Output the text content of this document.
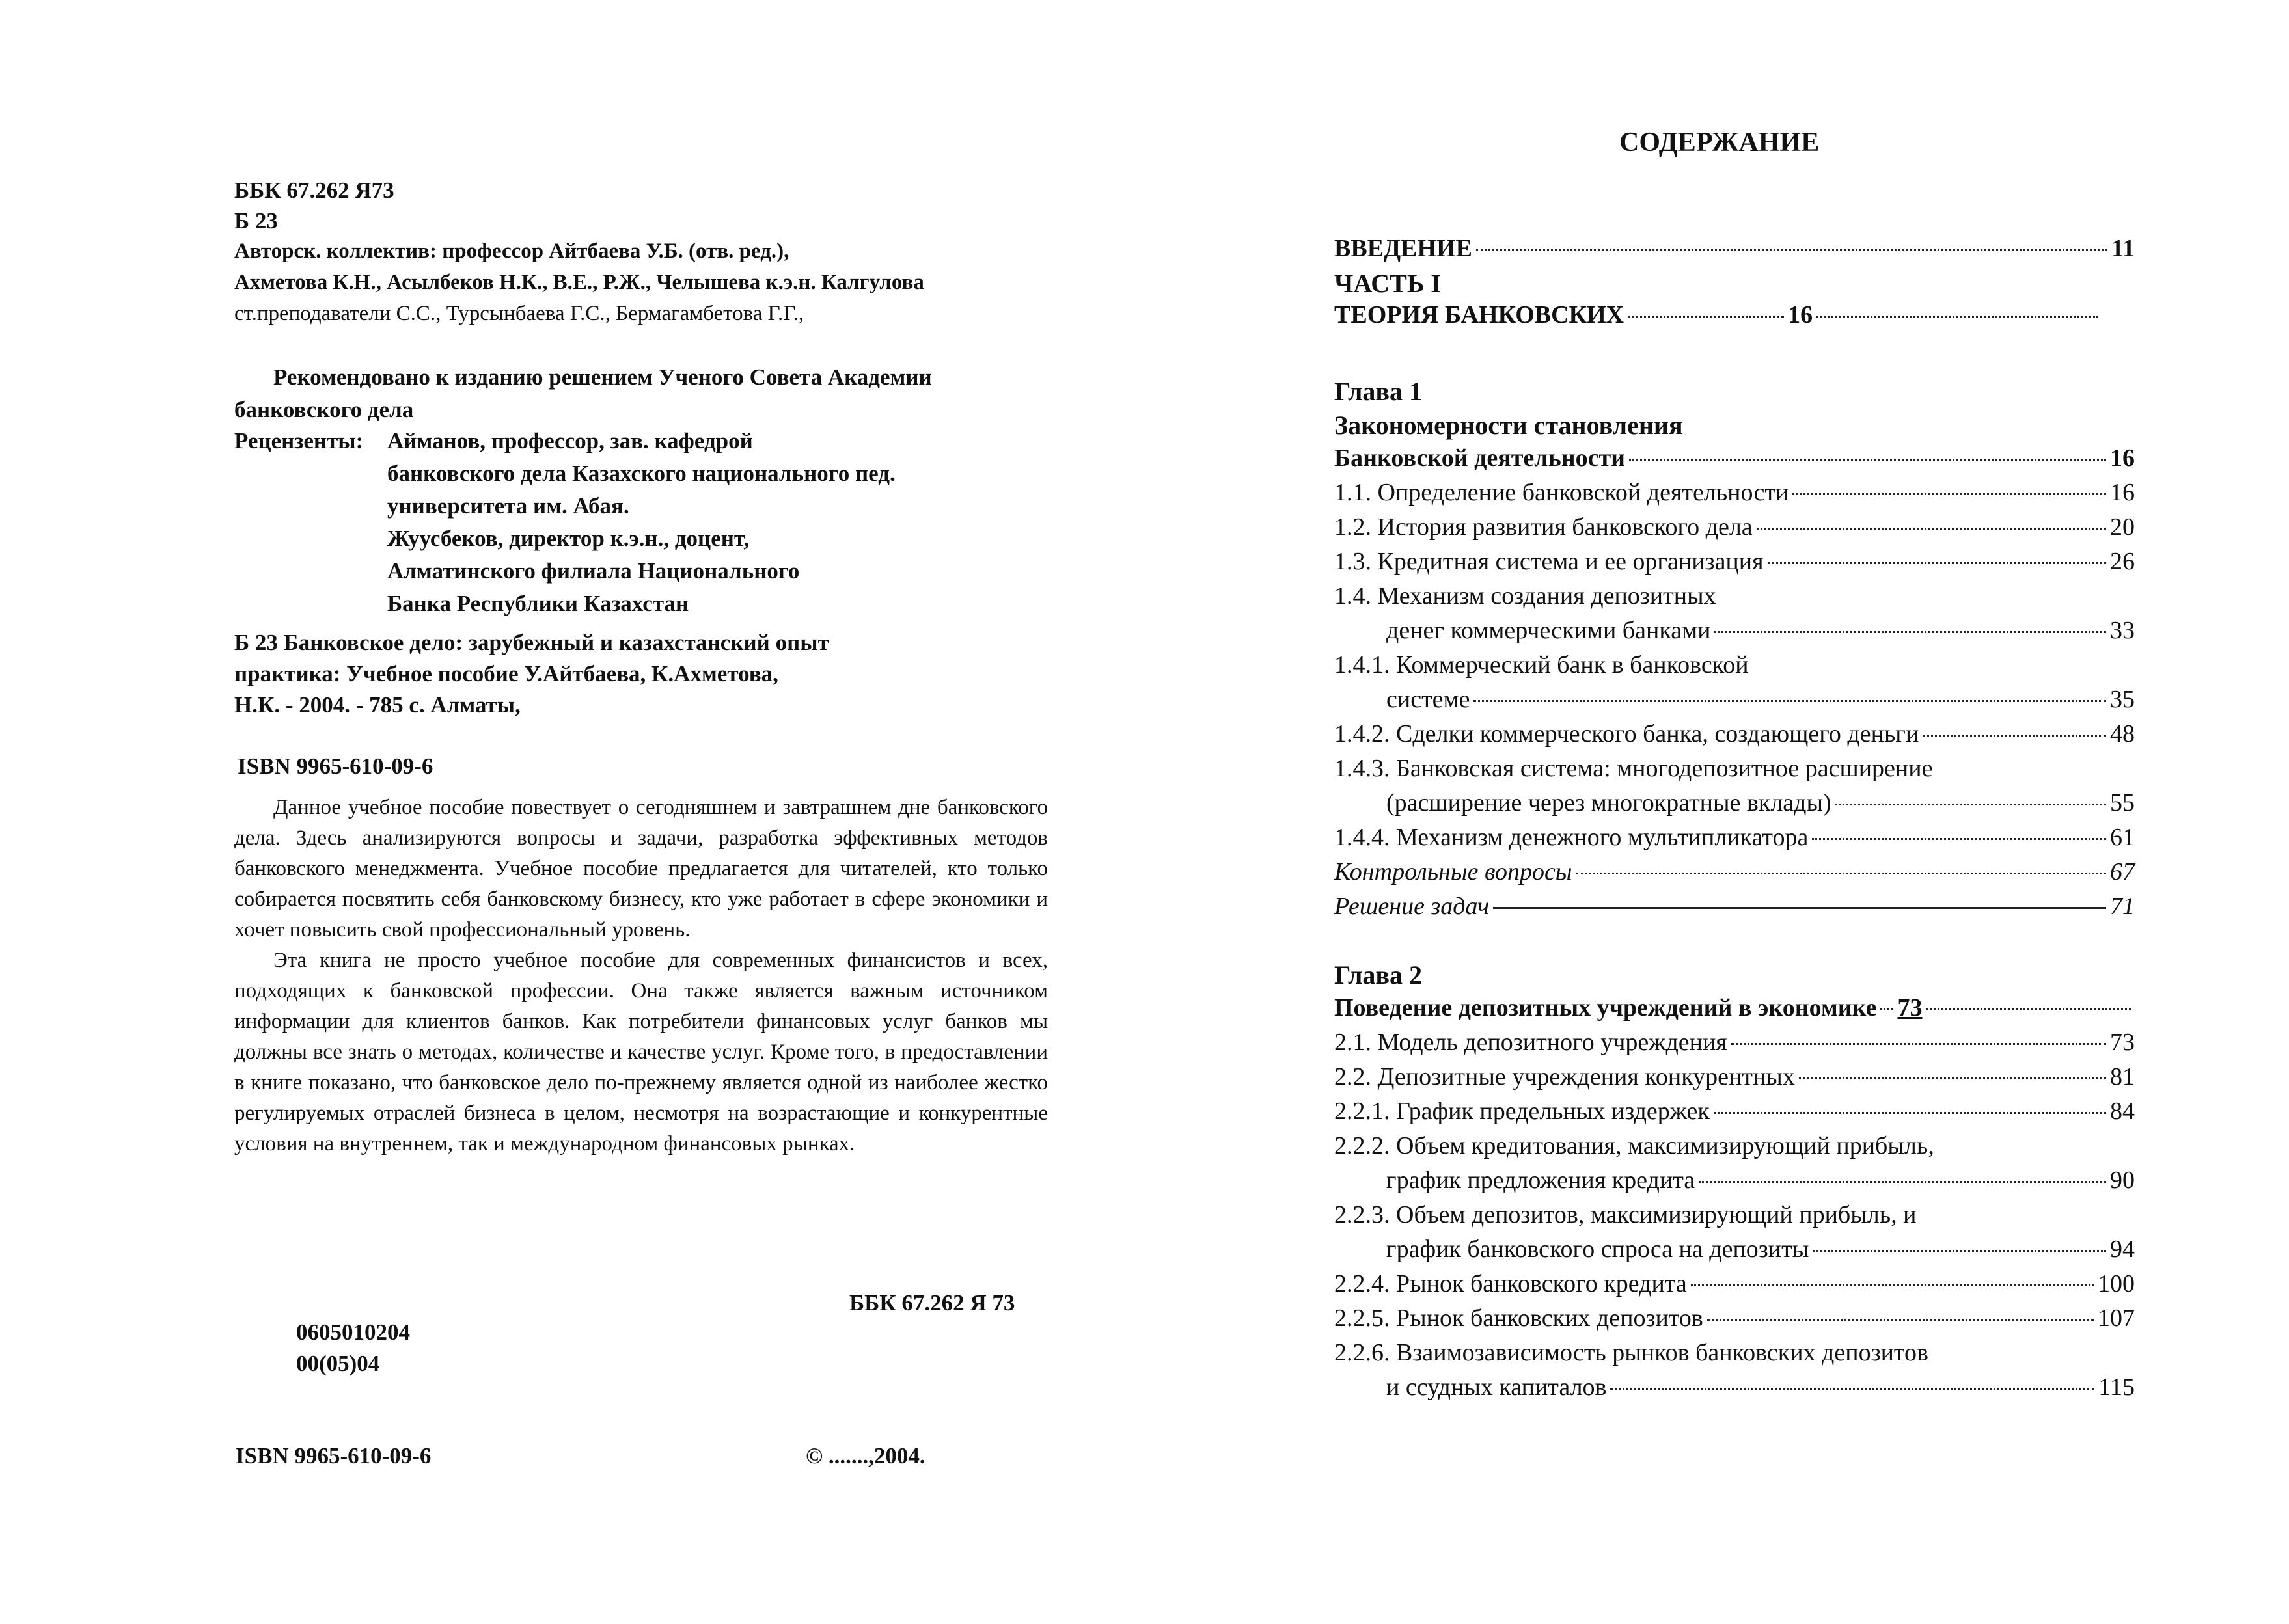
ББК 67.262 Я73
Б 23
Авторск. коллектив: профессор Айтбаева У.Б. (отв. ред.),
Ахметова К.Н., Асылбеков Н.К., В.Е., Р.Ж., Челышева к.э.н. Калгулова
ст.преподаватели С.С., Турсынбаева Г.С., Бермагамбетова Г.Г.,
Рекомендовано к изданию решением Ученого Совета Академии
банковского дела
Рецензенты: Айманов, профессор, зав. кафедрой
банковского дела Казахского национального пед.
университета им. Абая.
Жуусбеков, директор к.э.н., доцент,
Алматинского филиала Национального
Банка Республики Казахстан
Б 23 Банковское дело: зарубежный и казахстанский опыт
практика: Учебное пособие У.Айтбаева, К.Ахметова,
Н.К. - 2004. - 785 с. Алматы,
ISBN 9965-610-09-6

Данное учебное пособие повествует о сегодняшнем и завтрашнем дне банковского дела. Здесь анализируются вопросы и задачи, разработка эффективных методов банковского менеджмента. Учебное пособие предлагается для читателей, кто только собирается посвятить себя банковскому бизнесу, кто уже работает в сфере экономики и хочет повысить свой профессиональный уровень.

Эта книга не просто учебное пособие для современных финансистов и всех, подходящих к банковской профессии. Она также является важным источником информации для клиентов банков. Как потребители финансовых услуг банков мы должны все знать о методах, количестве и качестве услуг. Кроме того, в предоставлении в книге показано, что банковское дело по-прежнему является одной из наиболее жестко регулируемых отраслей бизнеса в целом, несмотря на возрастающие и конкурентные условия на внутреннем, так и международном финансовых рынках.

ББК 67.262 Я 73
0605010204
00(05)04
ISBN 9965-610-09-6	© .......,2004.
СОДЕРЖАНИЕ
ВВЕДЕНИЕ	11
ЧАСТЬ I
ТЕОРИЯ БАНКОВСКИХ	16
Глава 1
Закономерности становления
Банковской деятельности	16
1.1. Определение банковской деятельности	16
1.2. История развития банковского дела	20
1.3. Кредитная система и ее организация	26
1.4. Механизм создания депозитных
денег коммерческими банками	33
1.4.1. Коммерческий банк в банковской
системе	35
1.4.2. Сделки коммерческого банка, создающего деньги	48
1.4.3. Банковская система: многодепозитное расширение
(расширение через многократные вклады)	55
1.4.4. Механизм денежного мультипликатора	61
Контрольные вопросы	67
Решение задач	71
Глава 2
Поведение депозитных учреждений в экономике 73
2.1. Модель депозитного учреждения	73
2.2. Депозитные учреждения конкурентных	81
2.2.1. График предельных издержек	84
2.2.2. Объем кредитования, максимизирующий прибыль,
график предложения кредита	90
2.2.3. Объем депозитов, максимизирующий прибыль, и
график банковского спроса на депозиты	94
2.2.4. Рынок банковского кредита	100
2.2.5. Рынок банковских депозитов	107
2.2.6. Взаимозависимость рынков банковских депозитов
и ссудных капиталов	115
